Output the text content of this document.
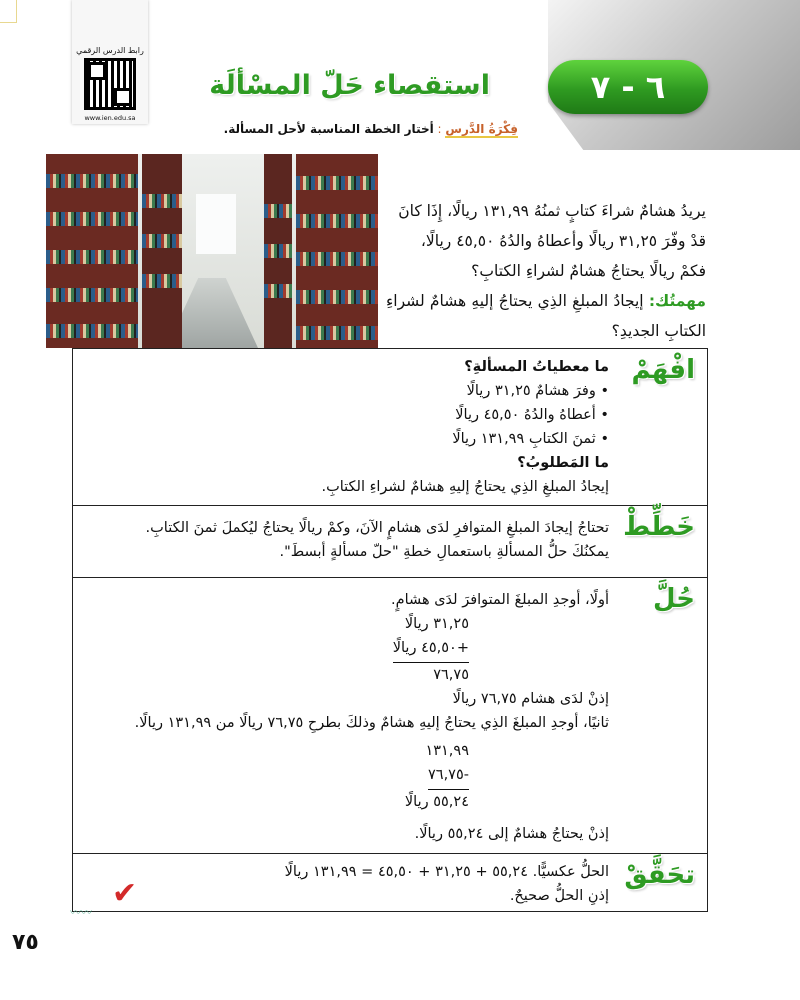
٦ - ٧
رابط الدرس الرقمي
www.ien.edu.sa
استقصاء حَلّ المسْألَة
فِكْرَةُ الدَّرس : أختار الخطة المناسبة لأحل المسألة.
يريدُ هشامٌ شراءَ كتابٍ ثمنُهُ ١٣١,٩٩ ريالًا، إِذَا كانَ
قدْ وفّرَ ٣١,٢٥ ريالًا وأعطاهُ والدُهُ ٤٥,٥٠ ريالًا،
فكمْ ريالًا يحتاجُ هشامٌ لشراءِ الكتابِ؟
مهمتُك: إيجادُ المبلغِ الذِي يحتاجُ إليهِ هشامٌ لشراءِ الكتابِ الجديدِ؟
افْهَمْ
ما معطياتُ المسألةِ؟
• وفرَ هشامٌ ٣١,٢٥ ريالًا
• أعطاهُ والدُهُ ٤٥,٥٠ ريالًا
• ثمنَ الكتابِ ١٣١,٩٩ ريالًا
ما المَطلوبُ؟
إيجادُ المبلغِ الذِي يحتاجُ إليهِ هشامٌ لشراءِ الكتابِ.
خَطِّطْ
تحتاجُ إيجادَ المبلغِ المتوافرِ لدَى هشامٍ الآنَ، وكمْ ريالًا يحتاجُ ليُكملَ ثمنَ الكتابِ.
يمكنُكَ حلُّ المسألةِ باستعمالِ خطةِ "حلّ مسألةٍ أبسطَ".
حُلَّ
أولًا، أوجدِ المبلغَ المتوافرَ لدَى هشامٍ.
٣١,٢٥ ريالًا
+٤٥,٥٠ ريالًا
٧٦,٧٥
إذنْ لدَى هشام ٧٦,٧٥ ريالًا
ثانيًا، أوجدِ المبلغَ الذِي يحتاجُ إليهِ هشامٌ وذلكَ بطرحِ ٧٦,٧٥ ريالًا من ١٣١,٩٩ ريالًا.
١٣١,٩٩
-٧٦,٧٥
٥٥,٢٤ ريالًا
إذنْ يحتاجُ هشامٌ إلى ٥٥,٢٤ ريالًا.
تحَقَّقْ
الحلُّ عكسيًّا. ٥٥,٢٤ + ٣١,٢٥ + ٤٥,٥٠ = ١٣١,٩٩ ريالًا
إذنِ الحلُّ صحيحٌ.
✔
〰〰
٧٥
